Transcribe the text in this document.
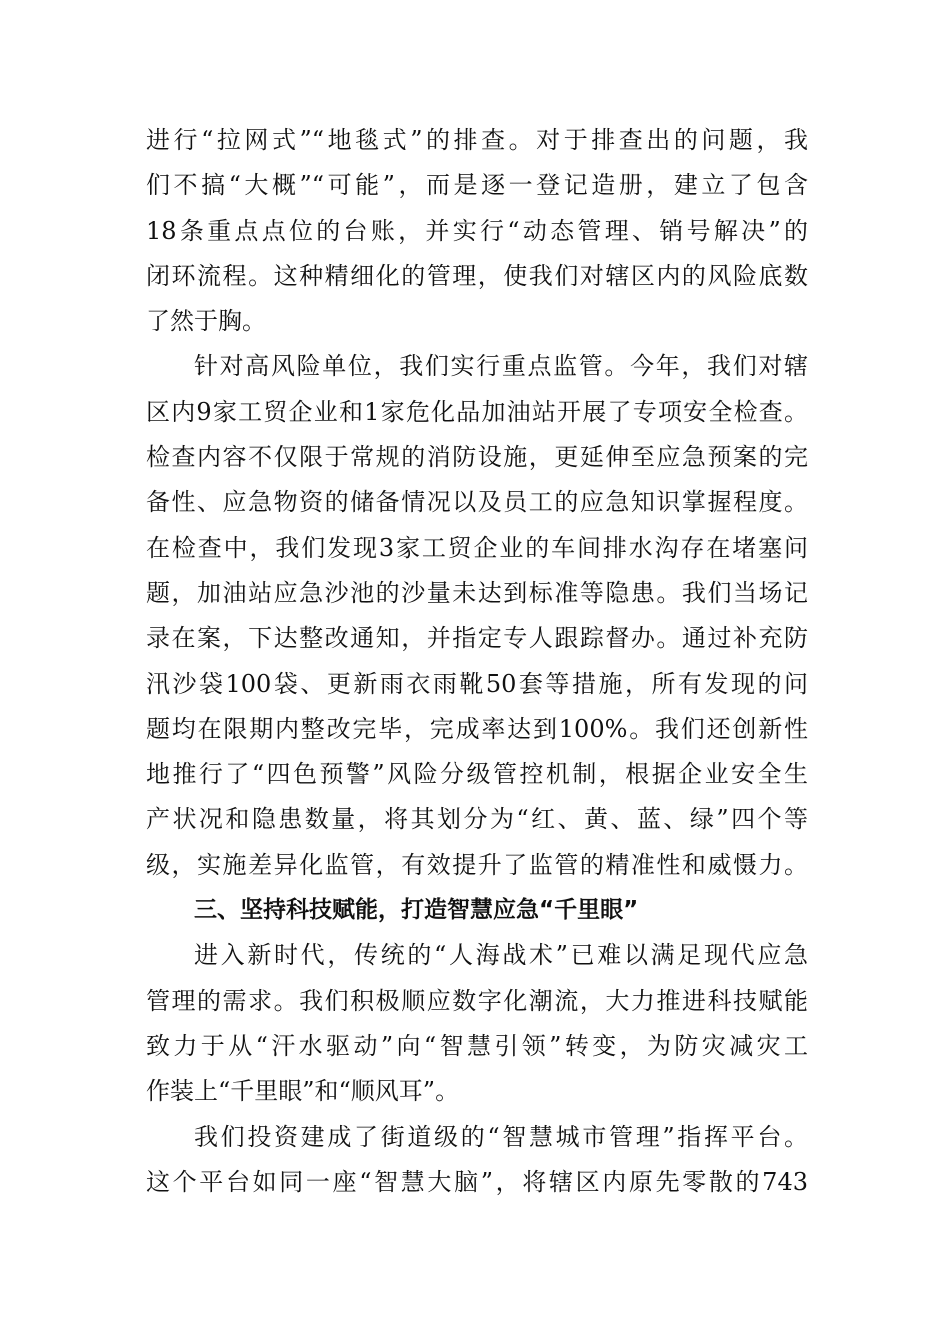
进行“拉网式”“地毯式”的排查。对于排查出的问题，我
们不搞“大概”“可能”，而是逐一登记造册，建立了包含
18条重点点位的台账，并实行“动态管理、销号解决”的
闭环流程。这种精细化的管理，使我们对辖区内的风险底数
了然于胸。
针对高风险单位，我们实行重点监管。今年，我们对辖
区内9家工贸企业和1家危化品加油站开展了专项安全检查。
检查内容不仅限于常规的消防设施，更延伸至应急预案的完
备性、应急物资的储备情况以及员工的应急知识掌握程度。
在检查中，我们发现3家工贸企业的车间排水沟存在堵塞问
题，加油站应急沙池的沙量未达到标准等隐患。我们当场记
录在案，下达整改通知，并指定专人跟踪督办。通过补充防
汛沙袋100袋、更新雨衣雨靴50套等措施，所有发现的问
题均在限期内整改完毕，完成率达到100%。我们还创新性
地推行了“四色预警”风险分级管控机制，根据企业安全生
产状况和隐患数量，将其划分为“红、黄、蓝、绿”四个等
级，实施差异化监管，有效提升了监管的精准性和威慑力。
三、坚持科技赋能，打造智慧应急“千里眼”
进入新时代，传统的“人海战术”已难以满足现代应急
管理的需求。我们积极顺应数字化潮流，大力推进科技赋能
致力于从“汗水驱动”向“智慧引领”转变，为防灾减灾工
作装上“千里眼”和“顺风耳”。
我们投资建成了街道级的“智慧城市管理”指挥平台。
这个平台如同一座“智慧大脑”，将辖区内原先零散的743
